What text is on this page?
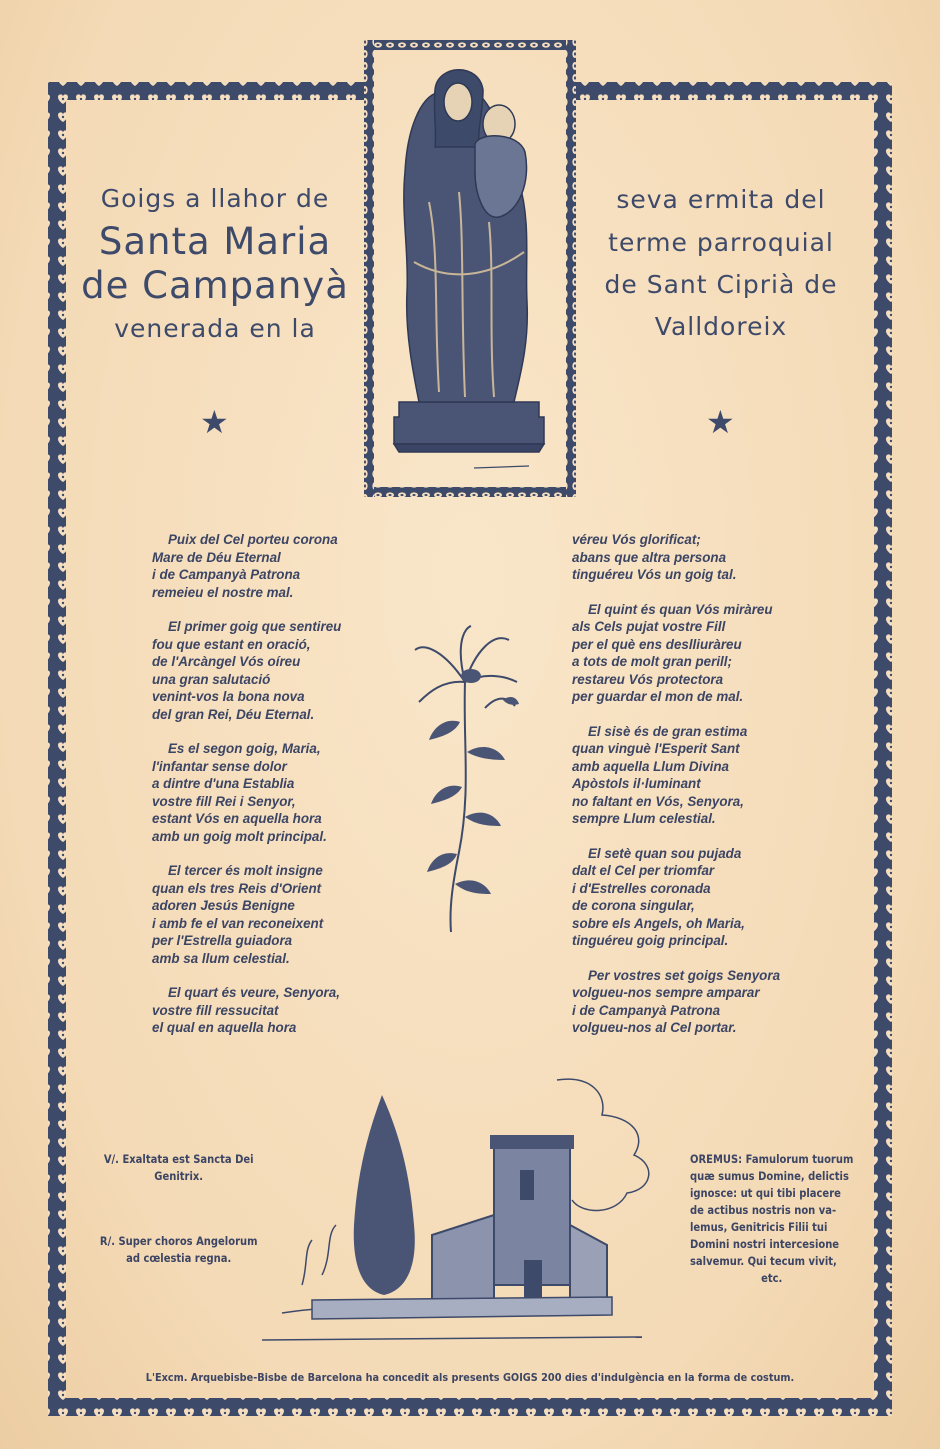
Goigs a llahor de
Santa Maria
de Campanyà
venerada en la
seva ermita del
terme parroquial
de Sant Ciprià de
Valldoreix
★	★
Puix del Cel porteu corona
Mare de Déu Eternal
i de Campanyà Patrona
remeieu el nostre mal.
El primer goig que sentireu
fou que estant en oració,
de l'Arcàngel Vós oíreu
una gran salutació
venint-vos la bona nova
del gran Rei, Déu Eternal.
Es el segon goig, Maria,
l'infantar sense dolor
a dintre d'una Establia
vostre fill Rei i Senyor,
estant Vós en aquella hora
amb un goig molt principal.
El tercer és molt insigne
quan els tres Reis d'Orient
adoren Jesús Benigne
i amb fe el van reconeixent
per l'Estrella guiadora
amb sa llum celestial.
El quart és veure, Senyora,
vostre fill ressucitat
el qual en aquella hora
véreu Vós glorificat;
abans que altra persona
tinguéreu Vós un goig tal.
El quint és quan Vós miràreu
als Cels pujat vostre Fill
per el què ens deslliuràreu
a tots de molt gran perill;
restareu Vós protectora
per guardar el mon de mal.
El sisè és de gran estima
quan vinguè l'Esperit Sant
amb aquella Llum Divina
Apòstols il·luminant
no faltant en Vós, Senyora,
sempre Llum celestial.
El setè quan sou pujada
dalt el Cel per triomfar
i d'Estrelles coronada
de corona singular,
sobre els Angels, oh Maria,
tinguéreu goig principal.
Per vostres set goigs Senyora
volgueu-nos sempre amparar
i de Campanyà Patrona
volgueu-nos al Cel portar.
V/. Exaltata est Sancta Dei
Genitrix.
R/. Super choros Angelorum
ad cœlestia regna.
OREMUS: Famulorum tuorum
quæ sumus Domine, delictis
ignosce: ut qui tibi placere
de actibus nostris non va-
lemus, Genitricis Filii tui
Domini nostri intercesione
salvemur. Qui tecum vivit,
etc.
L'Excm. Arquebisbe-Bisbe de Barcelona ha concedit als presents GOIGS 200 dies d'indulgència en la forma de costum.
